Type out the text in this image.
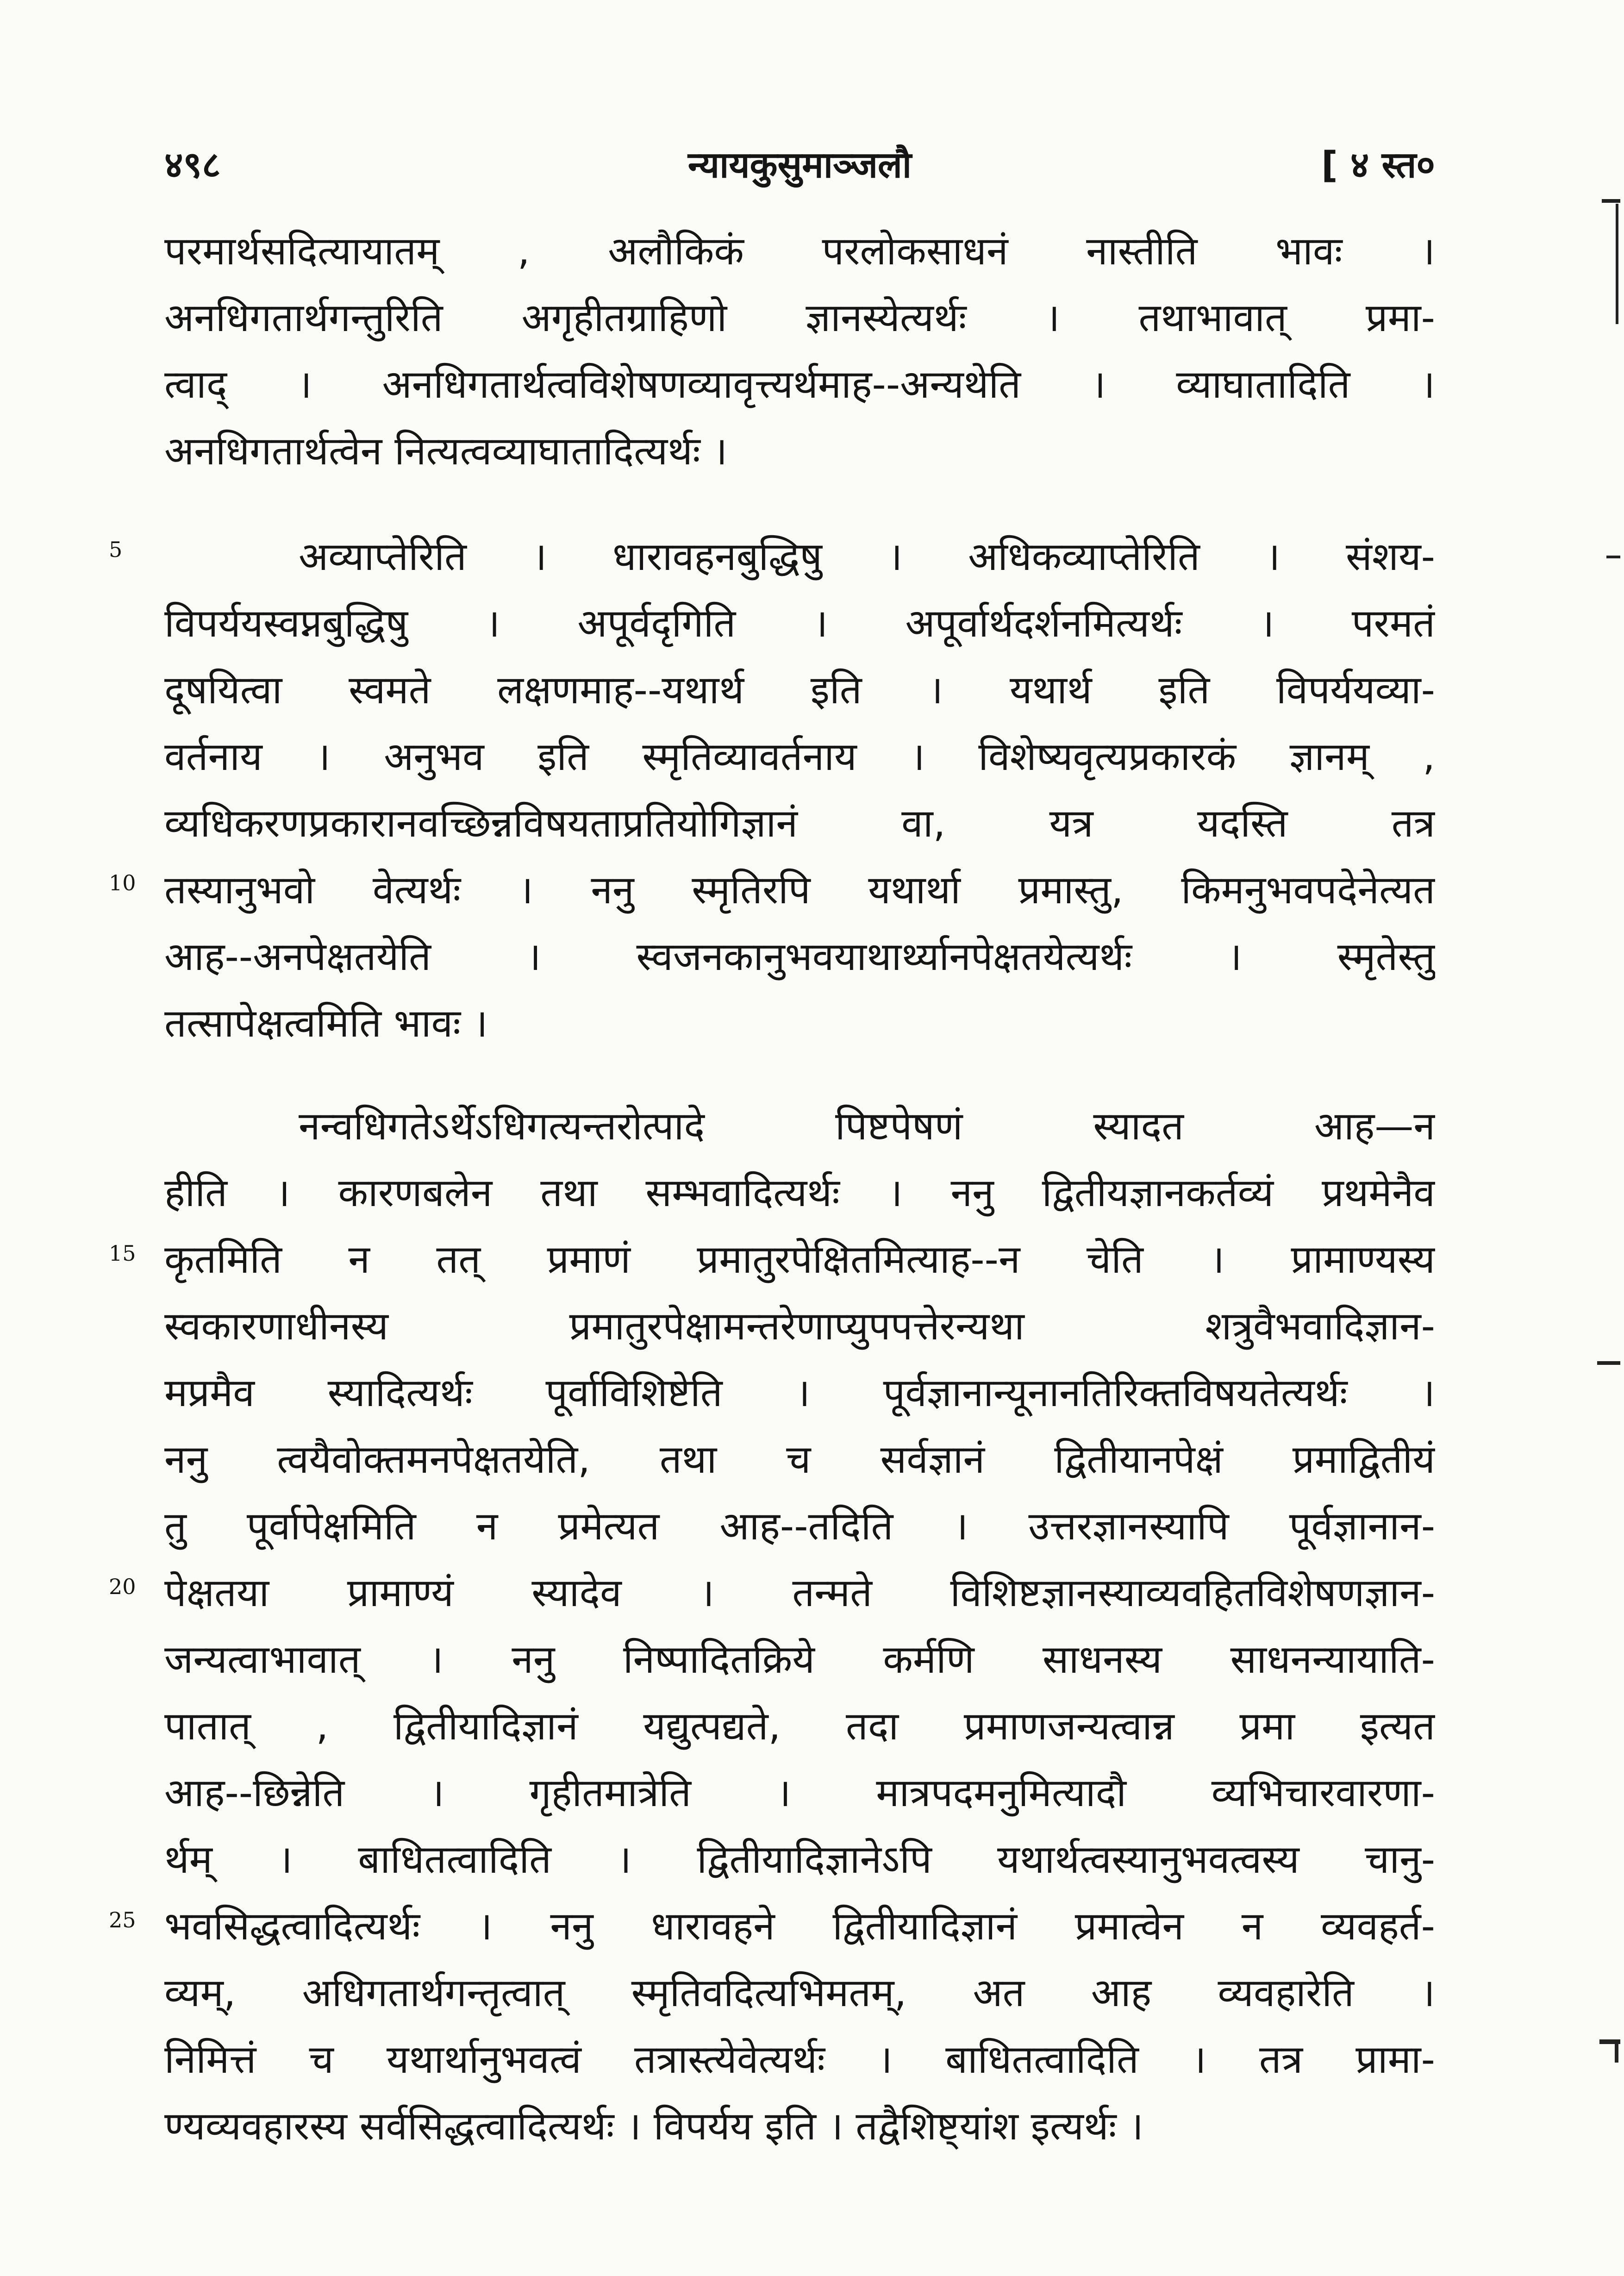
४९८	न्यायकुसुमाञ्जलौ	[ ४ स्त०
परमार्थसदित्यायातम् , अलौकिकं परलोकसाधनं नास्तीति भावः ।
अनधिगतार्थगन्तुरिति अगृहीतग्राहिणो ज्ञानस्येत्यर्थः । तथाभावात् प्रमा-
त्वाद् । अनधिगतार्थत्वविशेषणव्यावृत्त्यर्थमाह--अन्यथेति । व्याघातादिति ।
अनधिगतार्थत्वेन नित्यत्वव्याघातादित्यर्थः ।
अव्याप्तेरिति । धारावहनबुद्धिषु । अधिकव्याप्तेरिति । संशय-
विपर्ययस्वप्नबुद्धिषु । अपूर्वदृगिति । अपूर्वार्थदर्शनमित्यर्थः । परमतं
दूषयित्वा स्वमते लक्षणमाह--यथार्थ इति । यथार्थ इति विपर्ययव्या-
वर्तनाय । अनुभव इति स्मृतिव्यावर्तनाय । विशेष्यवृत्यप्रकारकं ज्ञानम् ,
व्यधिकरणप्रकारानवच्छिन्नविषयताप्रतियोगिज्ञानं वा, यत्र यदस्ति तत्र
तस्यानुभवो वेत्यर्थः । ननु स्मृतिरपि यथार्था प्रमास्तु, किमनुभवपदेनेत्यत
आह--अनपेक्षतयेति । स्वजनकानुभवयाथार्थ्यानपेक्षतयेत्यर्थः । स्मृतेस्तु
तत्सापेक्षत्वमिति भावः ।
नन्वधिगतेऽर्थेऽधिगत्यन्तरोत्पादे पिष्टपेषणं स्यादत आह—न
हीति । कारणबलेन तथा सम्भवादित्यर्थः । ननु द्वितीयज्ञानकर्तव्यं प्रथमेनैव
कृतमिति न तत् प्रमाणं प्रमातुरपेक्षितमित्याह--न चेति । प्रामाण्यस्य
स्वकारणाधीनस्य प्रमातुरपेक्षामन्तरेणाप्युपपत्तेरन्यथा शत्रुवैभवादिज्ञान-
मप्रमैव स्यादित्यर्थः पूर्वाविशिष्टेति । पूर्वज्ञानान्यूनानतिरिक्तविषयतेत्यर्थः ।
ननु त्वयैवोक्तमनपेक्षतयेति, तथा च सर्वज्ञानं द्वितीयानपेक्षं प्रमाद्वितीयं
तु पूर्वापेक्षमिति न प्रमेत्यत आह--तदिति । उत्तरज्ञानस्यापि पूर्वज्ञानान-
पेक्षतया प्रामाण्यं स्यादेव । तन्मते विशिष्टज्ञानस्याव्यवहितविशेषणज्ञान-
जन्यत्वाभावात् । ननु निष्पादितक्रिये कर्मणि साधनस्य साधनन्यायाति-
पातात् , द्वितीयादिज्ञानं यद्युत्पद्यते, तदा प्रमाणजन्यत्वान्न प्रमा इत्यत
आह--छिन्नेति । गृहीतमात्रेति । मात्रपदमनुमित्यादौ व्यभिचारवारणा-
र्थम् । बाधितत्वादिति । द्वितीयादिज्ञानेऽपि यथार्थत्वस्यानुभवत्वस्य चानु-
भवसिद्धत्वादित्यर्थः । ननु धारावहने द्वितीयादिज्ञानं प्रमात्वेन न व्यवहर्त-
व्यम्, अधिगतार्थगन्तृत्वात् स्मृतिवदित्यभिमतम्, अत आह व्यवहारेति ।
निमित्तं च यथार्थानुभवत्वं तत्रास्त्येवेत्यर्थः । बाधितत्वादिति । तत्र प्रामा-
ण्यव्यवहारस्य सर्वसिद्धत्वादित्यर्थः । विपर्यय इति । तद्वैशिष्ट्यांश इत्यर्थः ।
5
10
15
20
25
